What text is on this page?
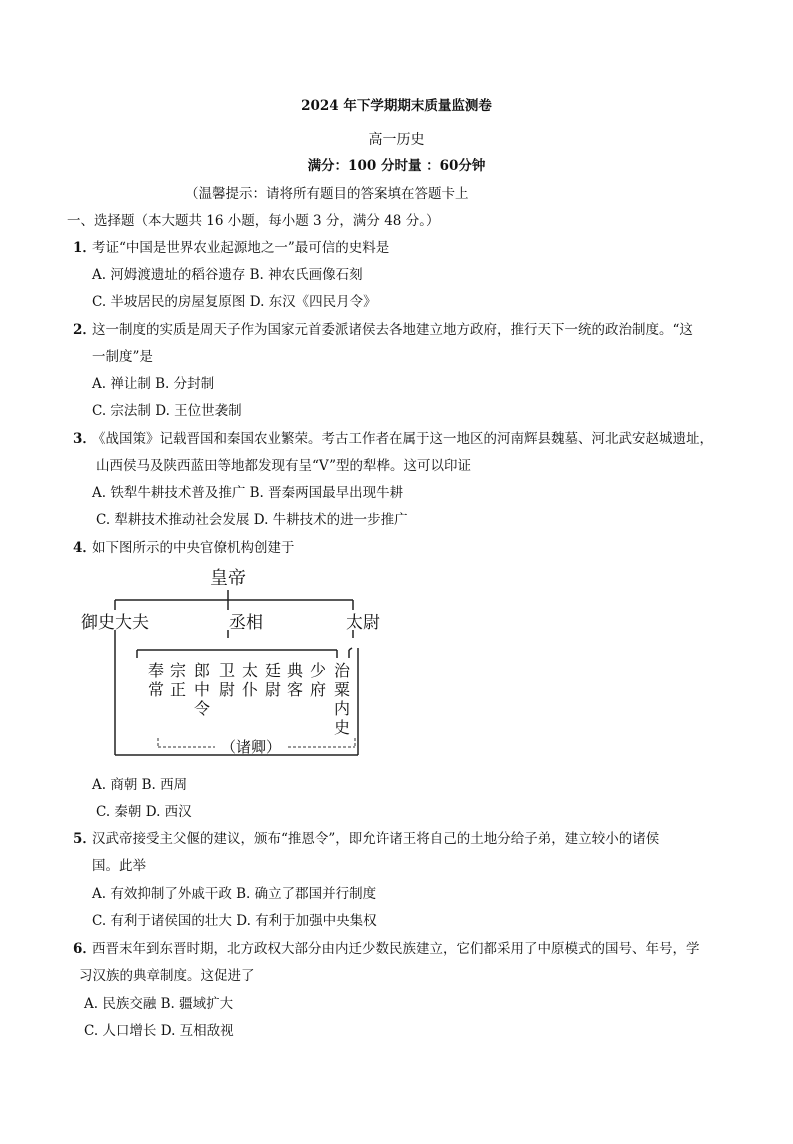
2024 年下学期期末质量监测卷
高一历史
满分：100 分时量 ：60分钟
（温馨提示：请将所有题目的答案填在答题卡上
一、选择题（本大题共 16 小题，每小题 3 分，满分 48 分。）
1．
考证“中国是世界农业起源地之一”最可信的史料是
A. 河姆渡遗址的稻谷遗存 B. 神农氏画像石刻
C. 半坡居民的房屋复原图 D. 东汉《四民月令》
2．
这一制度的实质是周天子作为国家元首委派诸侯去各地建立地方政府，推行天下一统的政治制度。“这
一制度”是
A. 禅让制 B. 分封制
C. 宗法制 D. 王位世袭制
3．
《战国策》记载晋国和秦国农业繁荣。考古工作者在属于这一地区的河南辉县魏墓、河北武安赵城遗址，
山西侯马及陕西蓝田等地都发现有呈“V”型的犁桦。这可以印证
A. 铁犁牛耕技术普及推广 B. 晋秦两国最早出现牛耕
C. 犁耕技术推动社会发展 D. 牛耕技术的进一步推广
4．
如下图所示的中央官僚机构创建于
皇帝
御史大夫	丞相	太尉
奉常
宗正
郎中令
卫尉
太仆
廷尉
典客
少府
治粟内史
（诸卿）
A. 商朝 B. 西周
C. 秦朝 D. 西汉
5．
汉武帝接受主父偃的建议，颁布“推恩令”，即允许诸王将自己的土地分给子弟，建立较小的诸侯
国。此举
A. 有效抑制了外戚干政 B. 确立了郡国并行制度
C. 有利于诸侯国的壮大 D. 有利于加强中央集权
6．
西晋末年到东晋时期，北方政权大部分由内迁少数民族建立，它们都采用了中原模式的国号、年号，学
习汉族的典章制度。这促进了
A. 民族交融 B. 疆域扩大
C. 人口增长 D. 互相敌视
